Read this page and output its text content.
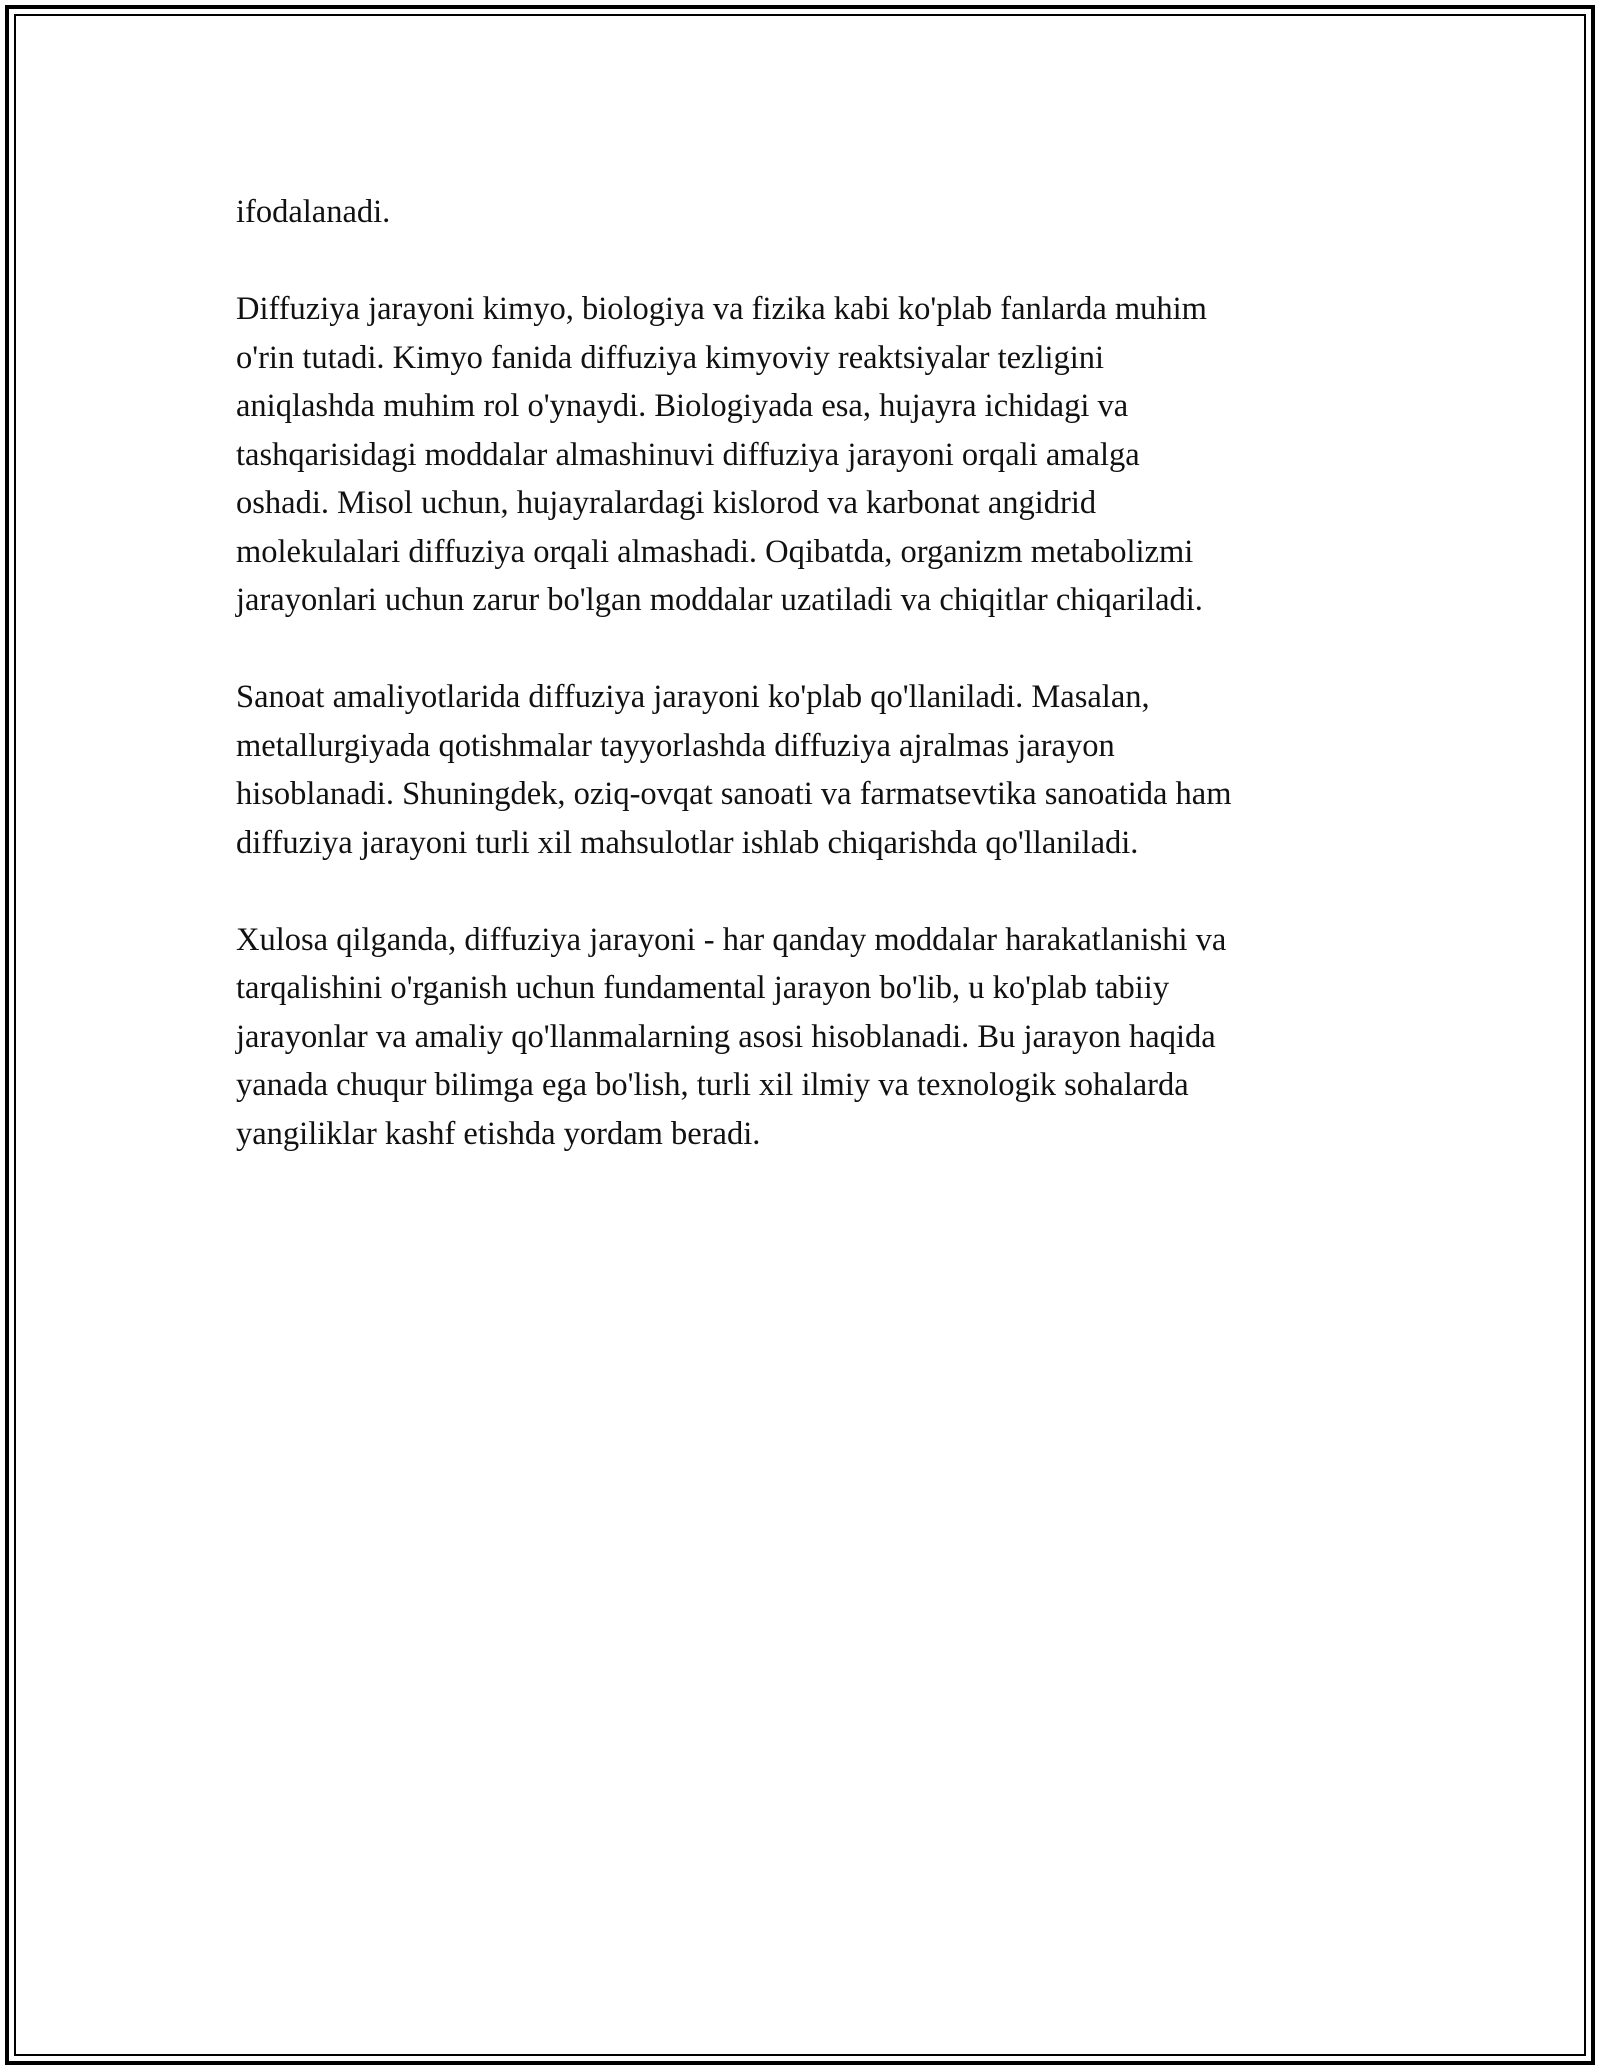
ifodalanadi.

Diffuziya jarayoni kimyo, biologiya va fizika kabi ko'plab fanlarda muhim
o'rin tutadi. Kimyo fanida diffuziya kimyoviy reaktsiyalar tezligini
aniqlashda muhim rol o'ynaydi. Biologiyada esa, hujayra ichidagi va
tashqarisidagi moddalar almashinuvi diffuziya jarayoni orqali amalga
oshadi. Misol uchun, hujayralardagi kislorod va karbonat angidrid
molekulalari diffuziya orqali almashadi. Oqibatda, organizm metabolizmi
jarayonlari uchun zarur bo'lgan moddalar uzatiladi va chiqitlar chiqariladi.

Sanoat amaliyotlarida diffuziya jarayoni ko'plab qo'llaniladi. Masalan,
metallurgiyada qotishmalar tayyorlashda diffuziya ajralmas jarayon
hisoblanadi. Shuningdek, oziq-ovqat sanoati va farmatsevtika sanoatida ham
diffuziya jarayoni turli xil mahsulotlar ishlab chiqarishda qo'llaniladi.

Xulosa qilganda, diffuziya jarayoni - har qanday moddalar harakatlanishi va
tarqalishini o'rganish uchun fundamental jarayon bo'lib, u ko'plab tabiiy
jarayonlar va amaliy qo'llanmalarning asosi hisoblanadi. Bu jarayon haqida
yanada chuqur bilimga ega bo'lish, turli xil ilmiy va texnologik sohalarda
yangiliklar kashf etishda yordam beradi.
